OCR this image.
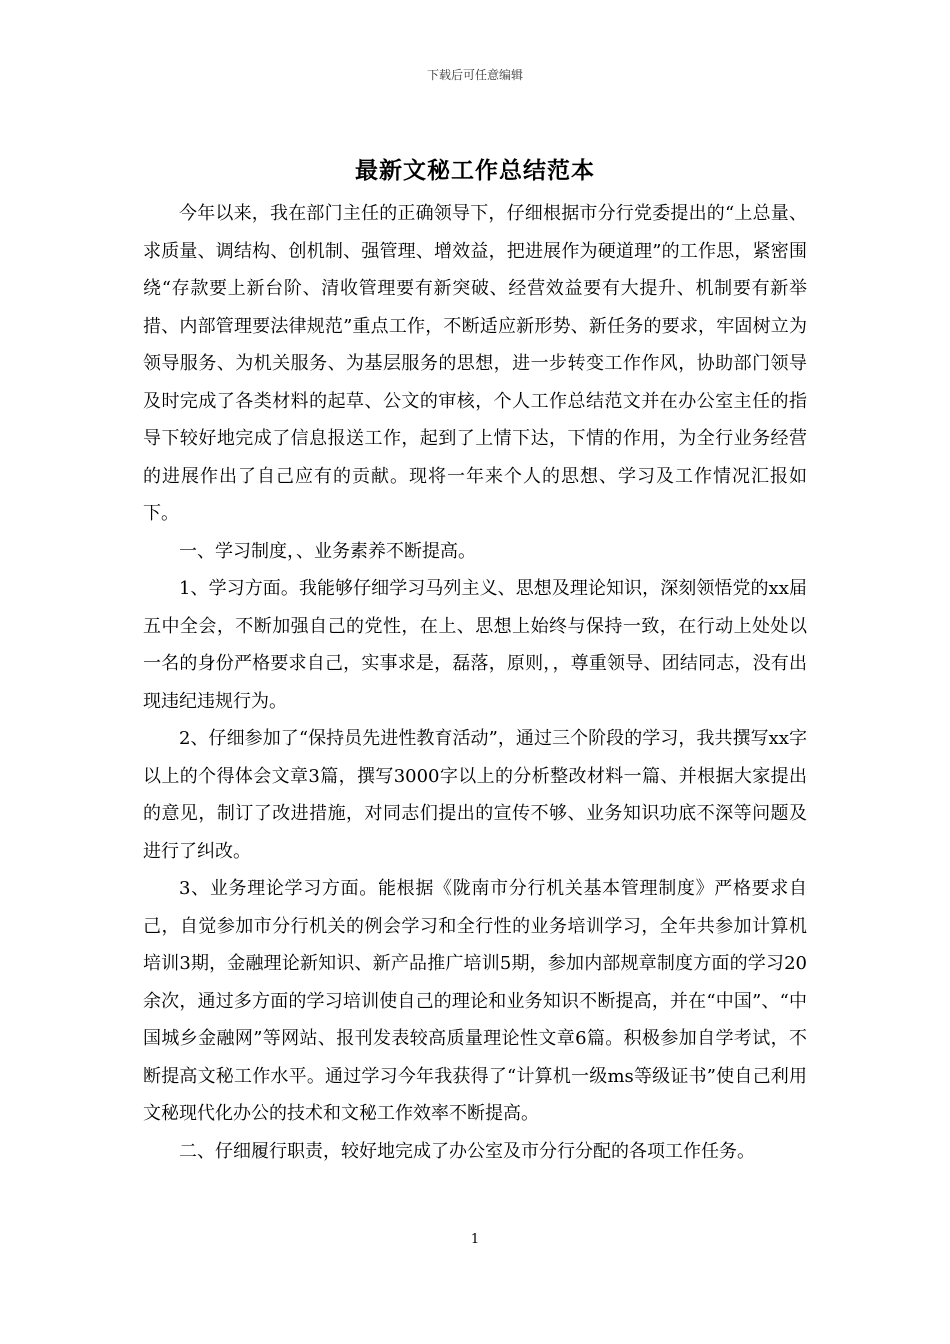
下载后可任意编辑
最新文秘工作总结范本

今年以来，我在部门主任的正确领导下，仔细根据市分行党委提出的“上总量、求质量、调结构、创机制、强管理、增效益，把进展作为硬道理”的工作思，紧密围绕“存款要上新台阶、清收管理要有新突破、经营效益要有大提升、机制要有新举措、内部管理要法律规范”重点工作，不断适应新形势、新任务的要求，牢固树立为领导服务、为机关服务、为基层服务的思想，进一步转变工作作风，协助部门领导及时完成了各类材料的起草、公文的审核，个人工作总结范文并在办公室主任的指导下较好地完成了信息报送工作，起到了上情下达，下情的作用，为全行业务经营的进展作出了自己应有的贡献。现将一年来个人的思想、学习及工作情况汇报如下。

一、学习制度，、业务素养不断提高。

1、学习方面。我能够仔细学习马列主义、思想及理论知识，深刻领悟党的xx届五中全会，不断加强自己的党性，在上、思想上始终与保持一致，在行动上处处以一名的身份严格要求自己，实事求是，磊落，原则，，尊重领导、团结同志，没有出现违纪违规行为。

2、仔细参加了“保持员先进性教育活动”，通过三个阶段的学习，我共撰写xx字以上的个得体会文章3篇，撰写3000字以上的分析整改材料一篇、并根据大家提出的意见，制订了改进措施，对同志们提出的宣传不够、业务知识功底不深等问题及进行了纠改。

3、业务理论学习方面。能根据《陇南市分行机关基本管理制度》严格要求自己，自觉参加市分行机关的例会学习和全行性的业务培训学习，全年共参加计算机培训3期，金融理论新知识、新产品推广培训5期，参加内部规章制度方面的学习20余次，通过多方面的学习培训使自己的理论和业务知识不断提高，并在“中国”、“中国城乡金融网”等网站、报刊发表较高质量理论性文章6篇。积极参加自学考试，不断提高文秘工作水平。通过学习今年我获得了“计算机一级ms等级证书”使自己利用文秘现代化办公的技术和文秘工作效率不断提高。

二、仔细履行职责，较好地完成了办公室及市分行分配的各项工作任务。

1
